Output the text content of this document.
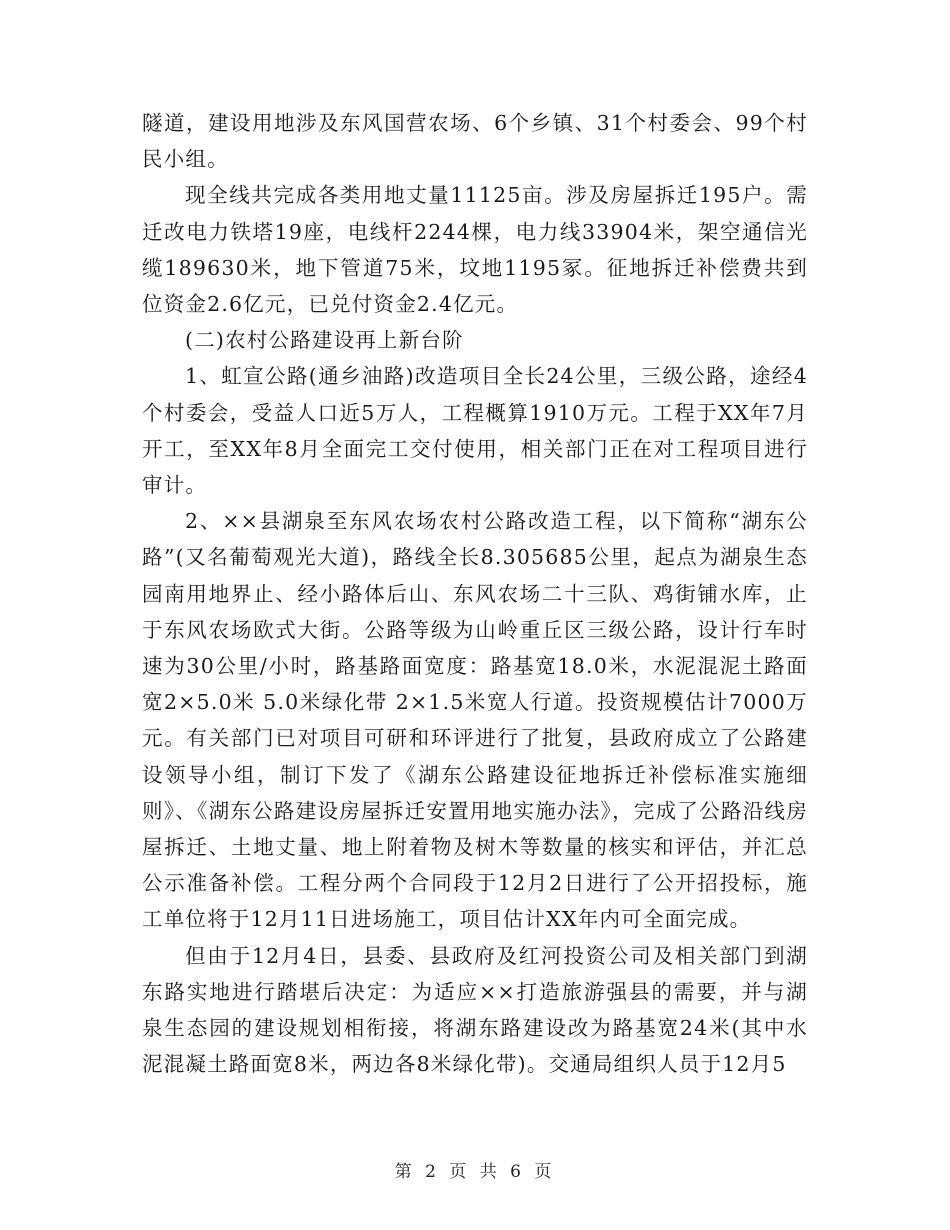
隧道，建设用地涉及东风国营农场、6个乡镇、31个村委会、99个村民小组。

现全线共完成各类用地丈量11125亩。涉及房屋拆迁195户。需迁改电力铁塔19座，电线杆2244棵，电力线33904米，架空通信光缆189630米，地下管道75米，坟地1195冢。征地拆迁补偿费共到位资金2.6亿元，已兑付资金2.4亿元。

(二)农村公路建设再上新台阶

1、虹宣公路(通乡油路)改造项目全长24公里，三级公路，途经4个村委会，受益人口近5万人，工程概算1910万元。工程于XX年7月开工，至XX年8月全面完工交付使用，相关部门正在对工程项目进行审计。

2、××县湖泉至东风农场农村公路改造工程，以下简称“湖东公路”(又名葡萄观光大道)，路线全长8.305685公里，起点为湖泉生态园南用地界止、经小路体后山、东风农场二十三队、鸡街铺水库，止于东风农场欧式大街。公路等级为山岭重丘区三级公路，设计行车时速为30公里/小时，路基路面宽度：路基宽18.0米，水泥混泥土路面宽2×5.0米 5.0米绿化带 2×1.5米宽人行道。投资规模估计7000万元。有关部门已对项目可研和环评进行了批复，县政府成立了公路建设领导小组，制订下发了《湖东公路建设征地拆迁补偿标准实施细则》、《湖东公路建设房屋拆迁安置用地实施办法》，完成了公路沿线房屋拆迁、土地丈量、地上附着物及树木等数量的核实和评估，并汇总公示准备补偿。工程分两个合同段于12月2日进行了公开招投标，施工单位将于12月11日进场施工，项目估计XX年内可全面完成。

但由于12月4日，县委、县政府及红河投资公司及相关部门到湖东路实地进行踏堪后决定：为适应××打造旅游强县的需要，并与湖泉生态园的建设规划相衔接，将湖东路建设改为路基宽24米(其中水泥混凝土路面宽8米，两边各8米绿化带)。交通局组织人员于12月5

第 2 页 共 6 页
